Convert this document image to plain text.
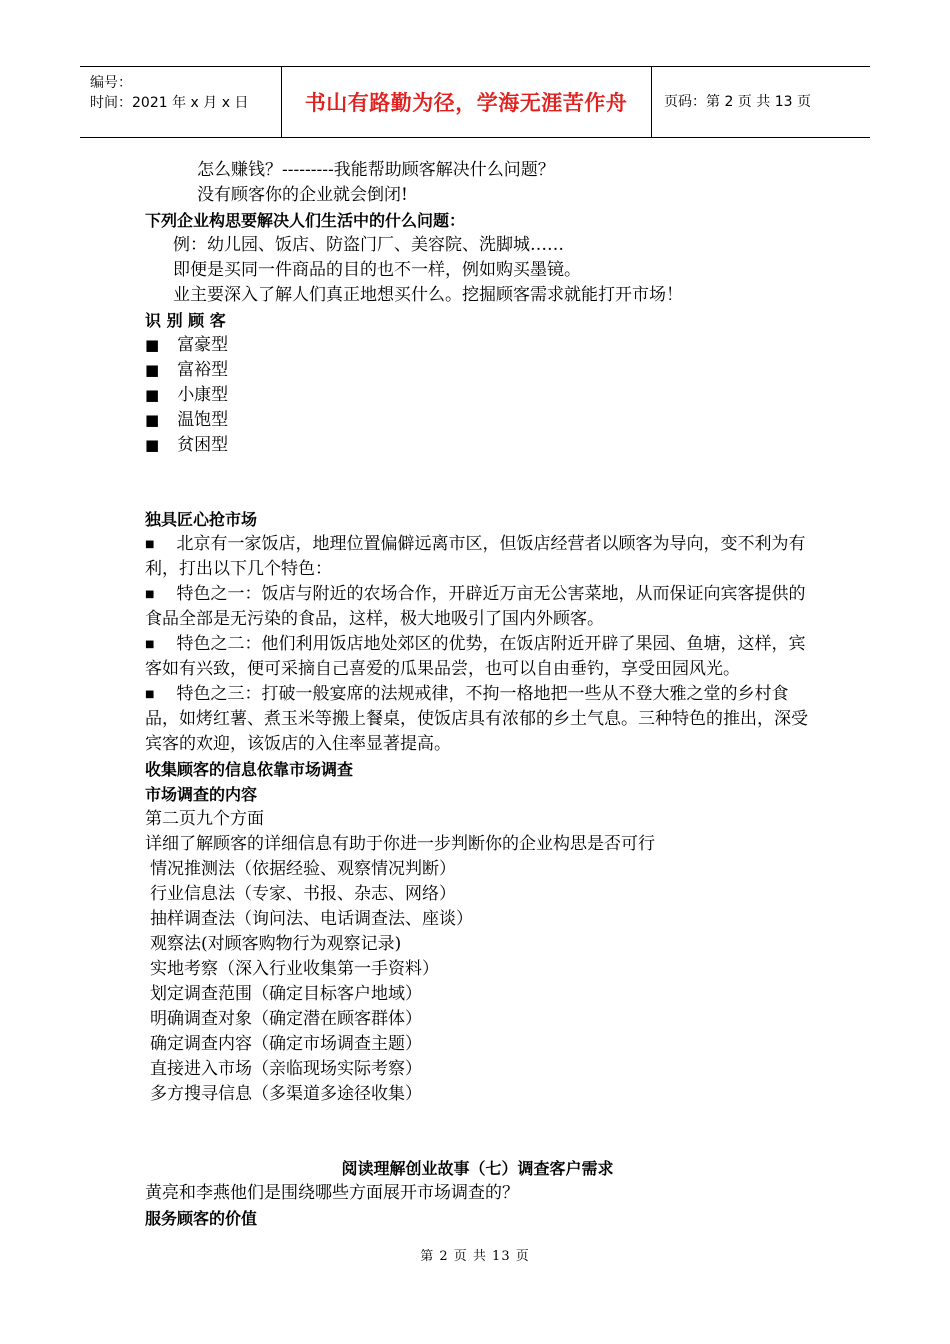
编号：
时间：2021 年 x 月 x 日	书山有路勤为径，学海无涯苦作舟	页码：第 2 页 共 13 页

怎么赚钱？---------我能帮助顾客解决什么问题？

没有顾客你的企业就会倒闭!

下列企业构思要解决人们生活中的什么问题：

例：幼儿园、饭店、防盗门厂、美容院、洗脚城……

即便是买同一件商品的目的也不一样，例如购买墨镜。

业主要深入了解人们真正地想买什么。挖掘顾客需求就能打开市场！

识 别 顾 客

■ 富豪型

■ 富裕型

■ 小康型

■ 温饱型

■ 贫困型

独具匠心抢市场

■ 北京有一家饭店，地理位置偏僻远离市区，但饭店经营者以顾客为导向，变不利为有利，打出以下几个特色：

■ 特色之一：饭店与附近的农场合作，开辟近万亩无公害菜地，从而保证向宾客提供的食品全部是无污染的食品，这样，极大地吸引了国内外顾客。

■ 特色之二：他们利用饭店地处郊区的优势，在饭店附近开辟了果园、鱼塘，这样，宾客如有兴致，便可采摘自己喜爱的瓜果品尝，也可以自由垂钓，享受田园风光。

■ 特色之三：打破一般宴席的法规戒律，不拘一格地把一些从不登大雅之堂的乡村食品，如烤红薯、煮玉米等搬上餐桌，使饭店具有浓郁的乡土气息。三种特色的推出，深受宾客的欢迎，该饭店的入住率显著提高。

收集顾客的信息依靠市场调查

市场调查的内容

第二页九个方面

详细了解顾客的详细信息有助于你进一步判断你的企业构思是否可行

情况推测法（依据经验、观察情况判断）

行业信息法（专家、书报、杂志、网络）

抽样调查法（询问法、电话调查法、座谈）

观察法(对顾客购物行为观察记录)

实地考察（深入行业收集第一手资料）

划定调查范围（确定目标客户地域）

明确调查对象（确定潜在顾客群体）

确定调查内容（确定市场调查主题）

直接进入市场（亲临现场实际考察）

多方搜寻信息（多渠道多途径收集）

阅读理解创业故事（七）调查客户需求

黄亮和李燕他们是围绕哪些方面展开市场调查的？

服务顾客的价值

第 2 页 共 13 页
